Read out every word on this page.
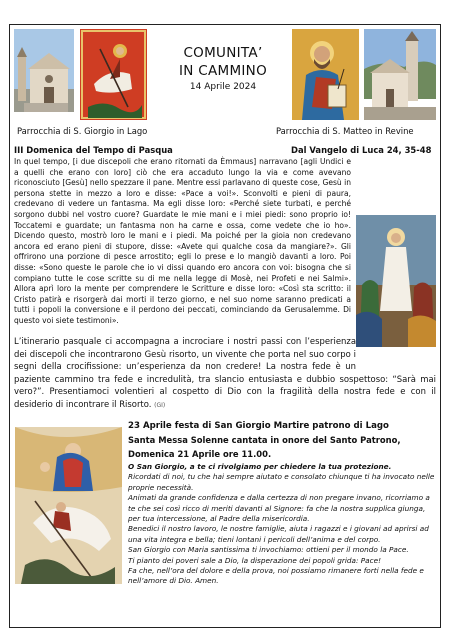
COMUNITA’
IN CAMMINO
14 Aprile 2024
Parrocchia di S. Giorgio in Lago	Parrocchia di S. Matteo in Revine
III Domenica del Tempo di Pasqua	Dal Vangelo di Luca 24, 35-48
In quel tempo, [i due discepoli che erano ritornati da Èmmaus] narravano [agli Undici e a quelli che erano con loro] ciò che era accaduto lungo la via e come avevano riconosciuto [Gesù] nello spezzare il pane. Mentre essi parlavano di queste cose, Gesù in persona stette in mezzo a loro e disse: «Pace a voi!». Sconvolti e pieni di paura, credevano di vedere un fantasma. Ma egli disse loro: «Perché siete turbati, e perché sorgono dubbi nel vostro cuore? Guardate le mie mani e i miei piedi: sono proprio io! Toccatemi e guardate; un fantasma non ha carne e ossa, come vedete che io ho». Dicendo questo, mostrò loro le mani e i piedi. Ma poiché per la gioia non credevano ancora ed erano pieni di stupore, disse: «Avete qui qualche cosa da mangiare?». Gli offrirono una porzione di pesce arrostito; egli lo prese e lo mangiò davanti a loro. Poi disse: «Sono queste le parole che io vi dissi quando ero ancora con voi: bisogna che si compiano tutte le cose scritte su di me nella legge di Mosè, nei Profeti e nei Salmi». Allora aprì loro la mente per comprendere le Scritture e disse loro: «Così sta scritto: il Cristo patirà e risorgerà dai morti il terzo giorno, e nel suo nome saranno predicati a tutti i popoli la conversione e il perdono dei peccati, cominciando da Gerusalemme. Di questo voi siete testimoni».
L’itinerario pasquale ci accompagna a incrociare i nostri passi con l’esperienza dei discepoli che incontrarono Gesù risorto, un vivente che porta nel suo corpo i segni della crocifissione: un’esperienza da non credere! La nostra fede è un paziente cammino tra fede e incredulità, tra slancio entusiasta e dubbio sospettoso: “Sarà mai vero?”. Presentiamoci volentieri al cospetto di Dio con la fragilità della nostra fede e con il desiderio di incontrare il Risorto. (GI)
23 Aprile festa di San Giorgio Martire patrono di Lago
Santa Messa Solenne cantata in onore del Santo Patrono,
Domenica 21 Aprile ore 11.00.
O San Giorgio, a te ci rivolgiamo per chiedere la tua protezione.
Ricordati di noi, tu che hai sempre aiutato e consolato chiunque ti ha invocato nelle proprie necessità.
Animati da grande confidenza e dalla certezza di non pregare invano, ricorriamo a te che sei così ricco di meriti davanti al Signore: fa che la nostra supplica giunga, per tua intercessione, al Padre della misericordia.
Benedici il nostro lavoro, le nostre famiglie, aiuta i ragazzi e i giovani ad aprirsi ad una vita integra e bella; tieni lontani i pericoli dell’anima e del corpo.
San Giorgio con Maria santissima ti invochiamo: ottieni per il mondo la Pace.
Ti pianto dei poveri sale a Dio, la disperazione dei popoli grida: Pace!
Fa che, nell’ora del dolore e della prova, noi possiamo rimanere forti nella fede e nell’amore di Dio. Amen.
